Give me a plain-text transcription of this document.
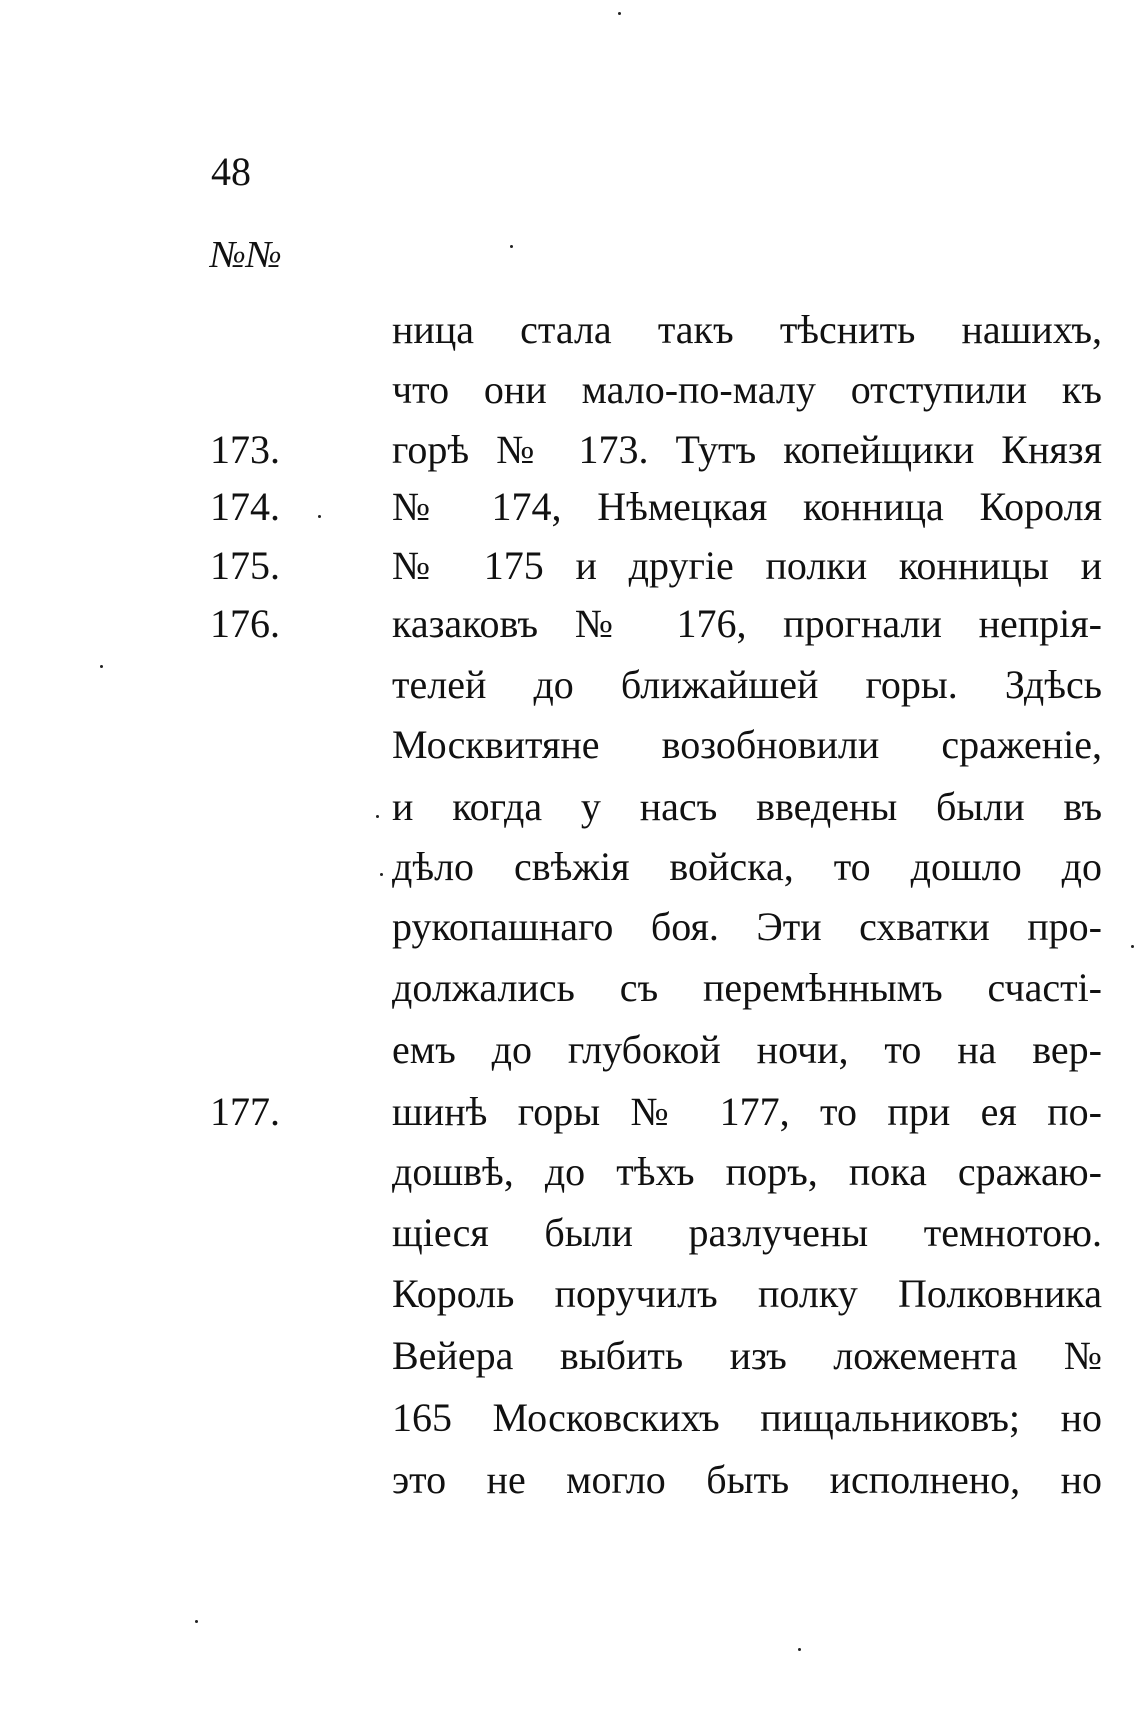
48
№№
173.
174.
175.
176.
177.
ница стала такъ тѣснить нашихъ,
что они мало-по-малу отступили къ
горѣ № 173. Тутъ копейщики Князя
№ 174, Нѣмецкая конница Короля
№ 175 и другіе полки конницы и
казаковъ № 176, прогнали непрія-
телей до ближайшей горы. Здѣсь
Москвитяне возобновили сраженіе,
и когда у насъ введены были въ
дѣло свѣжія войска, то дошло до
рукопашнаго боя. Эти схватки про-
должались съ перемѣннымъ счасті-
емъ до глубокой ночи, то на вер-
шинѣ горы № 177, то при ея по-
дошвѣ, до тѣхъ поръ, пока сражаю-
щіеся были разлучены темнотою.
Король поручилъ полку Полковника
Вейера выбить изъ ложемента №
165 Московскихъ пищальниковъ; но
это не могло быть исполнено, но
